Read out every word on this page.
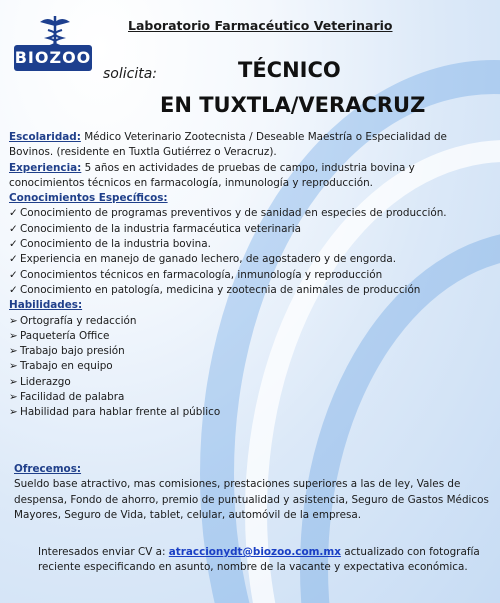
Laboratorio Farmacéutico Veterinario
BIOZOO
solicita:	TÉCNICO
EN TUXTLA/VERACRUZ
Escolaridad: Médico Veterinario Zootecnista / Deseable Maestría o Especialidad de Bovinos. (residente en Tuxtla Gutiérrez o Veracruz).
Experiencia: 5 años en actividades de pruebas de campo, industria bovina y conocimientos técnicos en farmacología, inmunología y reproducción.
Conocimientos Específicos:
✓ Conocimiento de programas preventivos y de sanidad en especies de producción.
✓ Conocimiento de la industria farmacéutica veterinaria
✓ Conocimiento de la industria bovina.
✓ Experiencia en manejo de ganado lechero, de agostadero y de engorda.
✓ Conocimientos técnicos en farmacología, inmunología y reproducción
✓ Conocimiento en patología, medicina y zootecnia de animales de producción
Habilidades:
➢ Ortografía y redacción
➢ Paquetería Office
➢ Trabajo bajo presión
➢ Trabajo en equipo
➢ Liderazgo
➢ Facilidad de palabra
➢ Habilidad para hablar frente al público
Ofrecemos:
Sueldo base atractivo, mas comisiones, prestaciones superiores a las de ley, Vales de despensa, Fondo de ahorro, premio de puntualidad y asistencia, Seguro de Gastos Médicos Mayores, Seguro de Vida, tablet, celular, automóvil de la empresa.
Interesados enviar CV a: atraccionydt@biozoo.com.mx actualizado con fotografía reciente especificando en asunto, nombre de la vacante y expectativa económica.
